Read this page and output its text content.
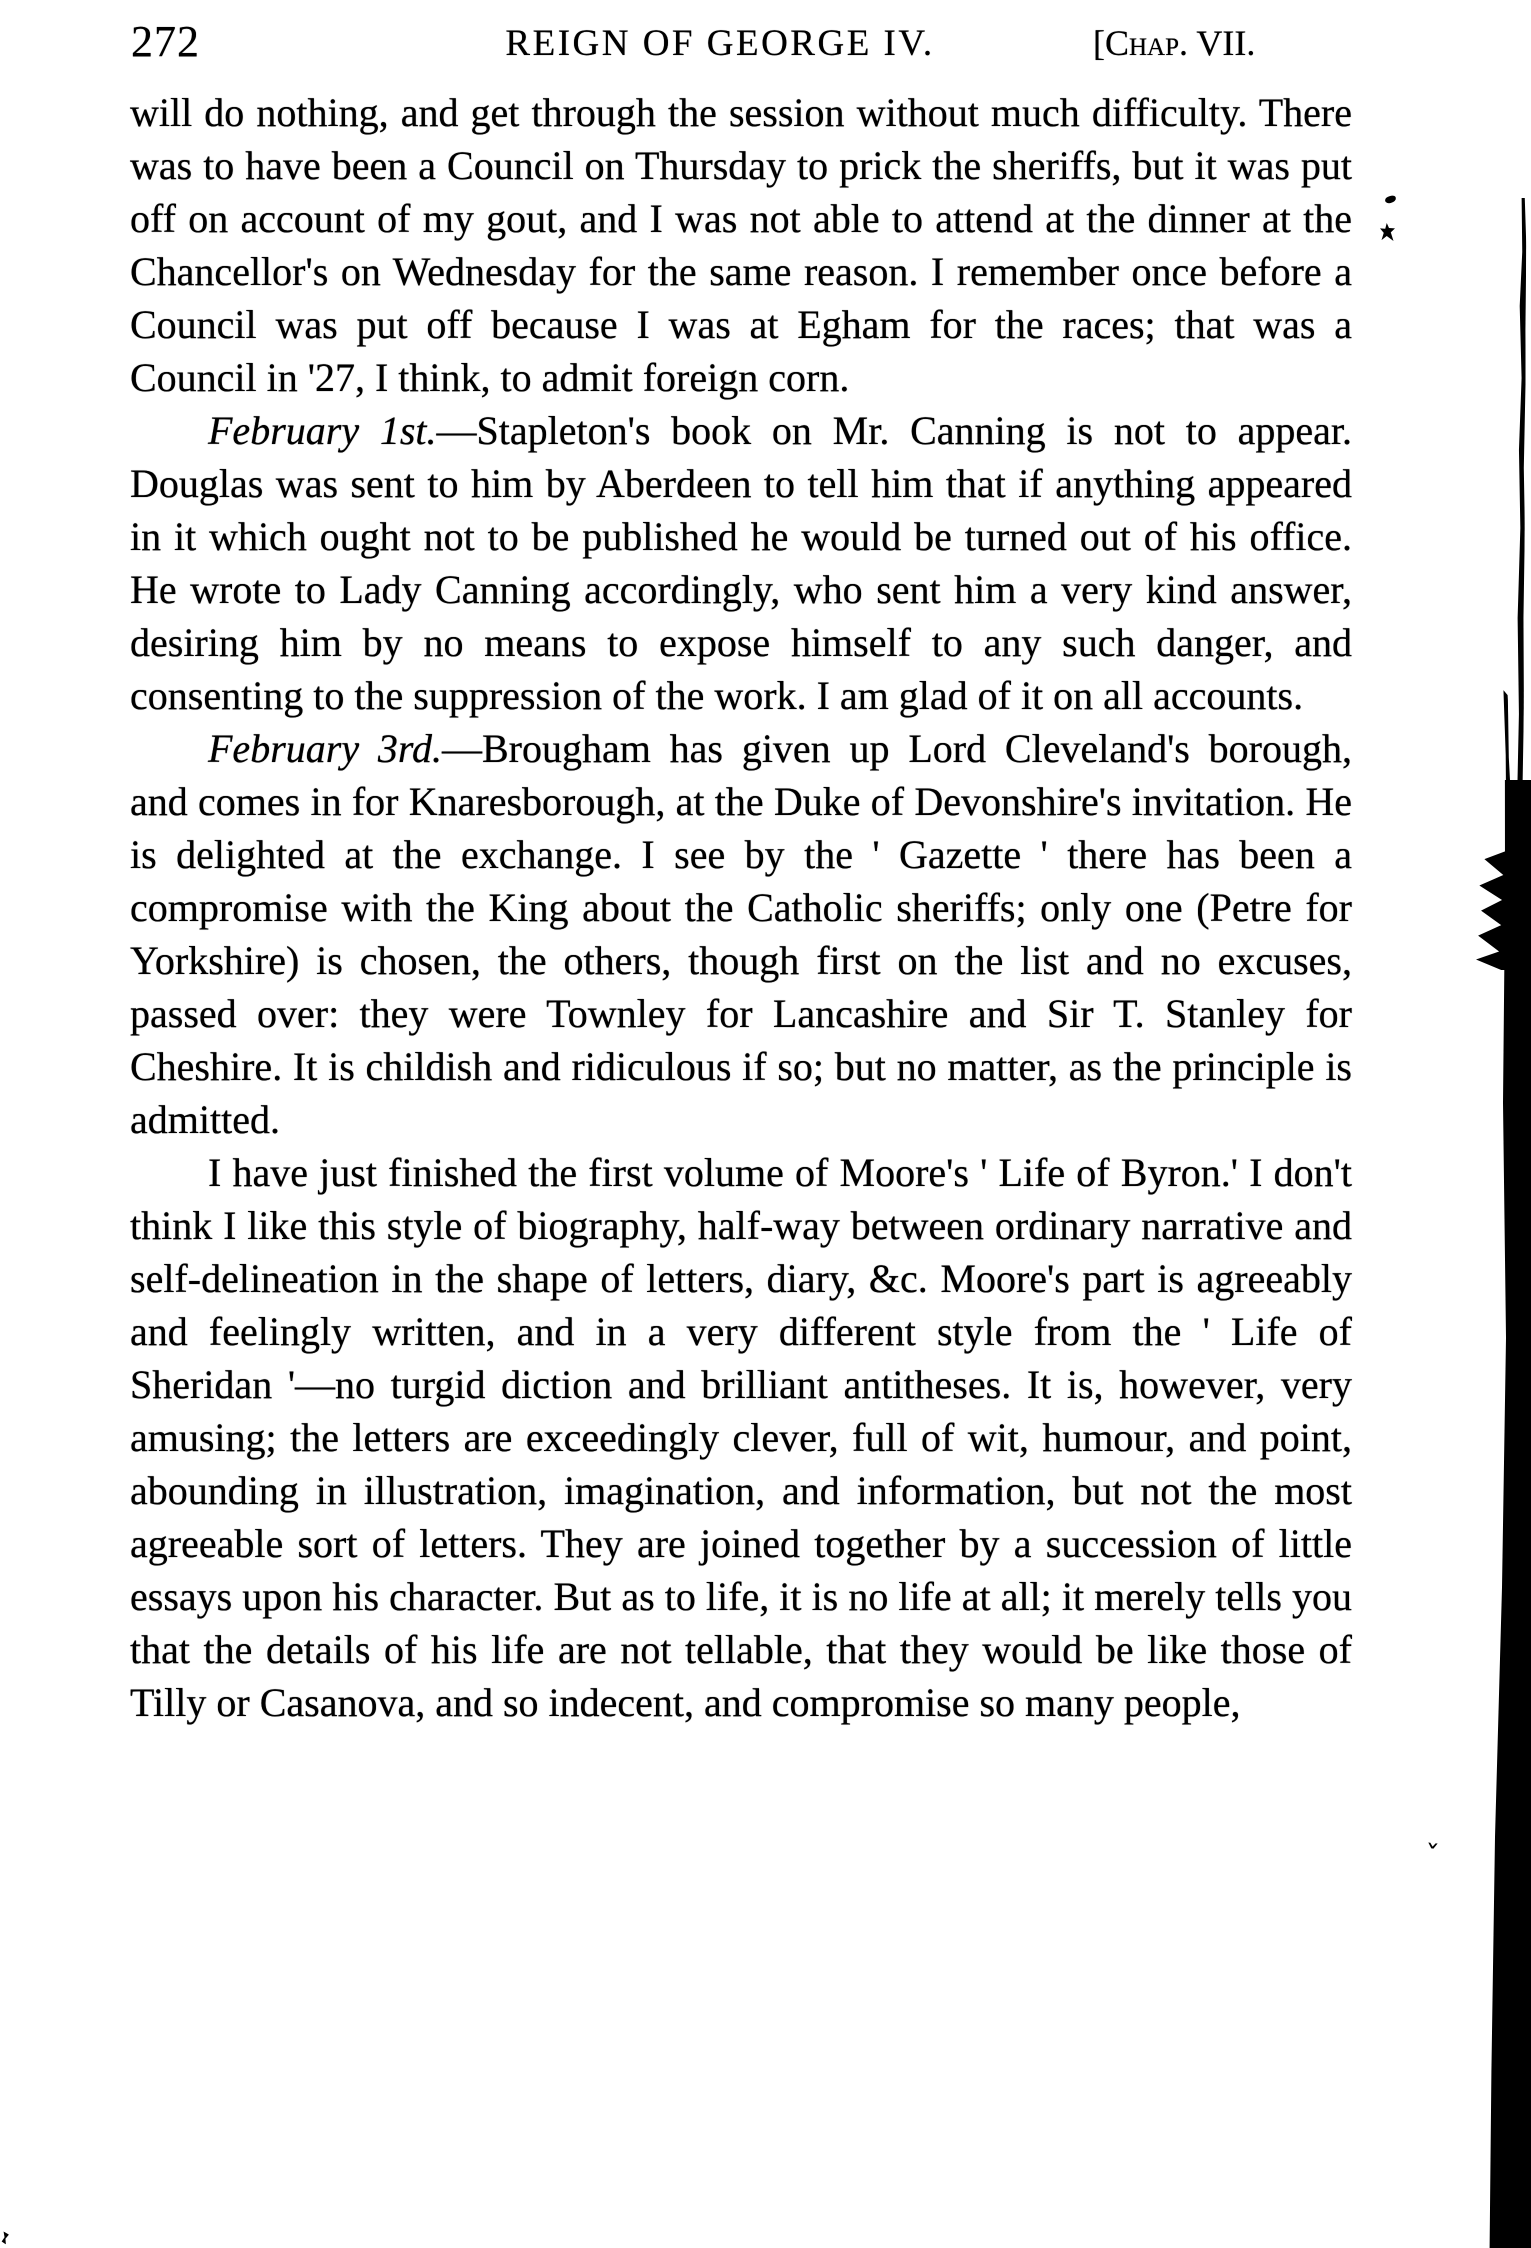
272	REIGN OF GEORGE IV.	[Chap. VII.

will do nothing, and get through the session without much difficulty. There was to have been a Council on Thursday to prick the sheriffs, but it was put off on account of my gout, and I was not able to attend at the dinner at the Chancellor's on Wednesday for the same reason. I remember once before a Council was put off because I was at Egham for the races; that was a Council in '27, I think, to admit foreign corn.

February 1st.—Stapleton's book on Mr. Canning is not to appear. Douglas was sent to him by Aberdeen to tell him that if anything appeared in it which ought not to be published he would be turned out of his office. He wrote to Lady Canning accordingly, who sent him a very kind answer, desiring him by no means to expose himself to any such danger, and consenting to the suppression of the work. I am glad of it on all accounts.

February 3rd.—Brougham has given up Lord Cleveland's borough, and comes in for Knaresborough, at the Duke of Devonshire's invitation. He is delighted at the exchange. I see by the ' Gazette ' there has been a compromise with the King about the Catholic sheriffs; only one (Petre for Yorkshire) is chosen, the others, though first on the list and no excuses, passed over: they were Townley for Lancashire and Sir T. Stanley for Cheshire. It is childish and ridiculous if so; but no matter, as the principle is admitted.

I have just finished the first volume of Moore's ' Life of Byron.' I don't think I like this style of biography, half-way between ordinary narrative and self-delineation in the shape of letters, diary, &c. Moore's part is agreeably and feelingly written, and in a very different style from the ' Life of Sheridan '—no turgid diction and brilliant antitheses. It is, however, very amusing; the letters are exceedingly clever, full of wit, humour, and point, abounding in illustration, imagination, and information, but not the most agreeable sort of letters. They are joined together by a succession of little essays upon his character. But as to life, it is no life at all; it merely tells you that the details of his life are not tellable, that they would be like those of Tilly or Casanova, and so indecent, and compromise so many people,

ˇ
